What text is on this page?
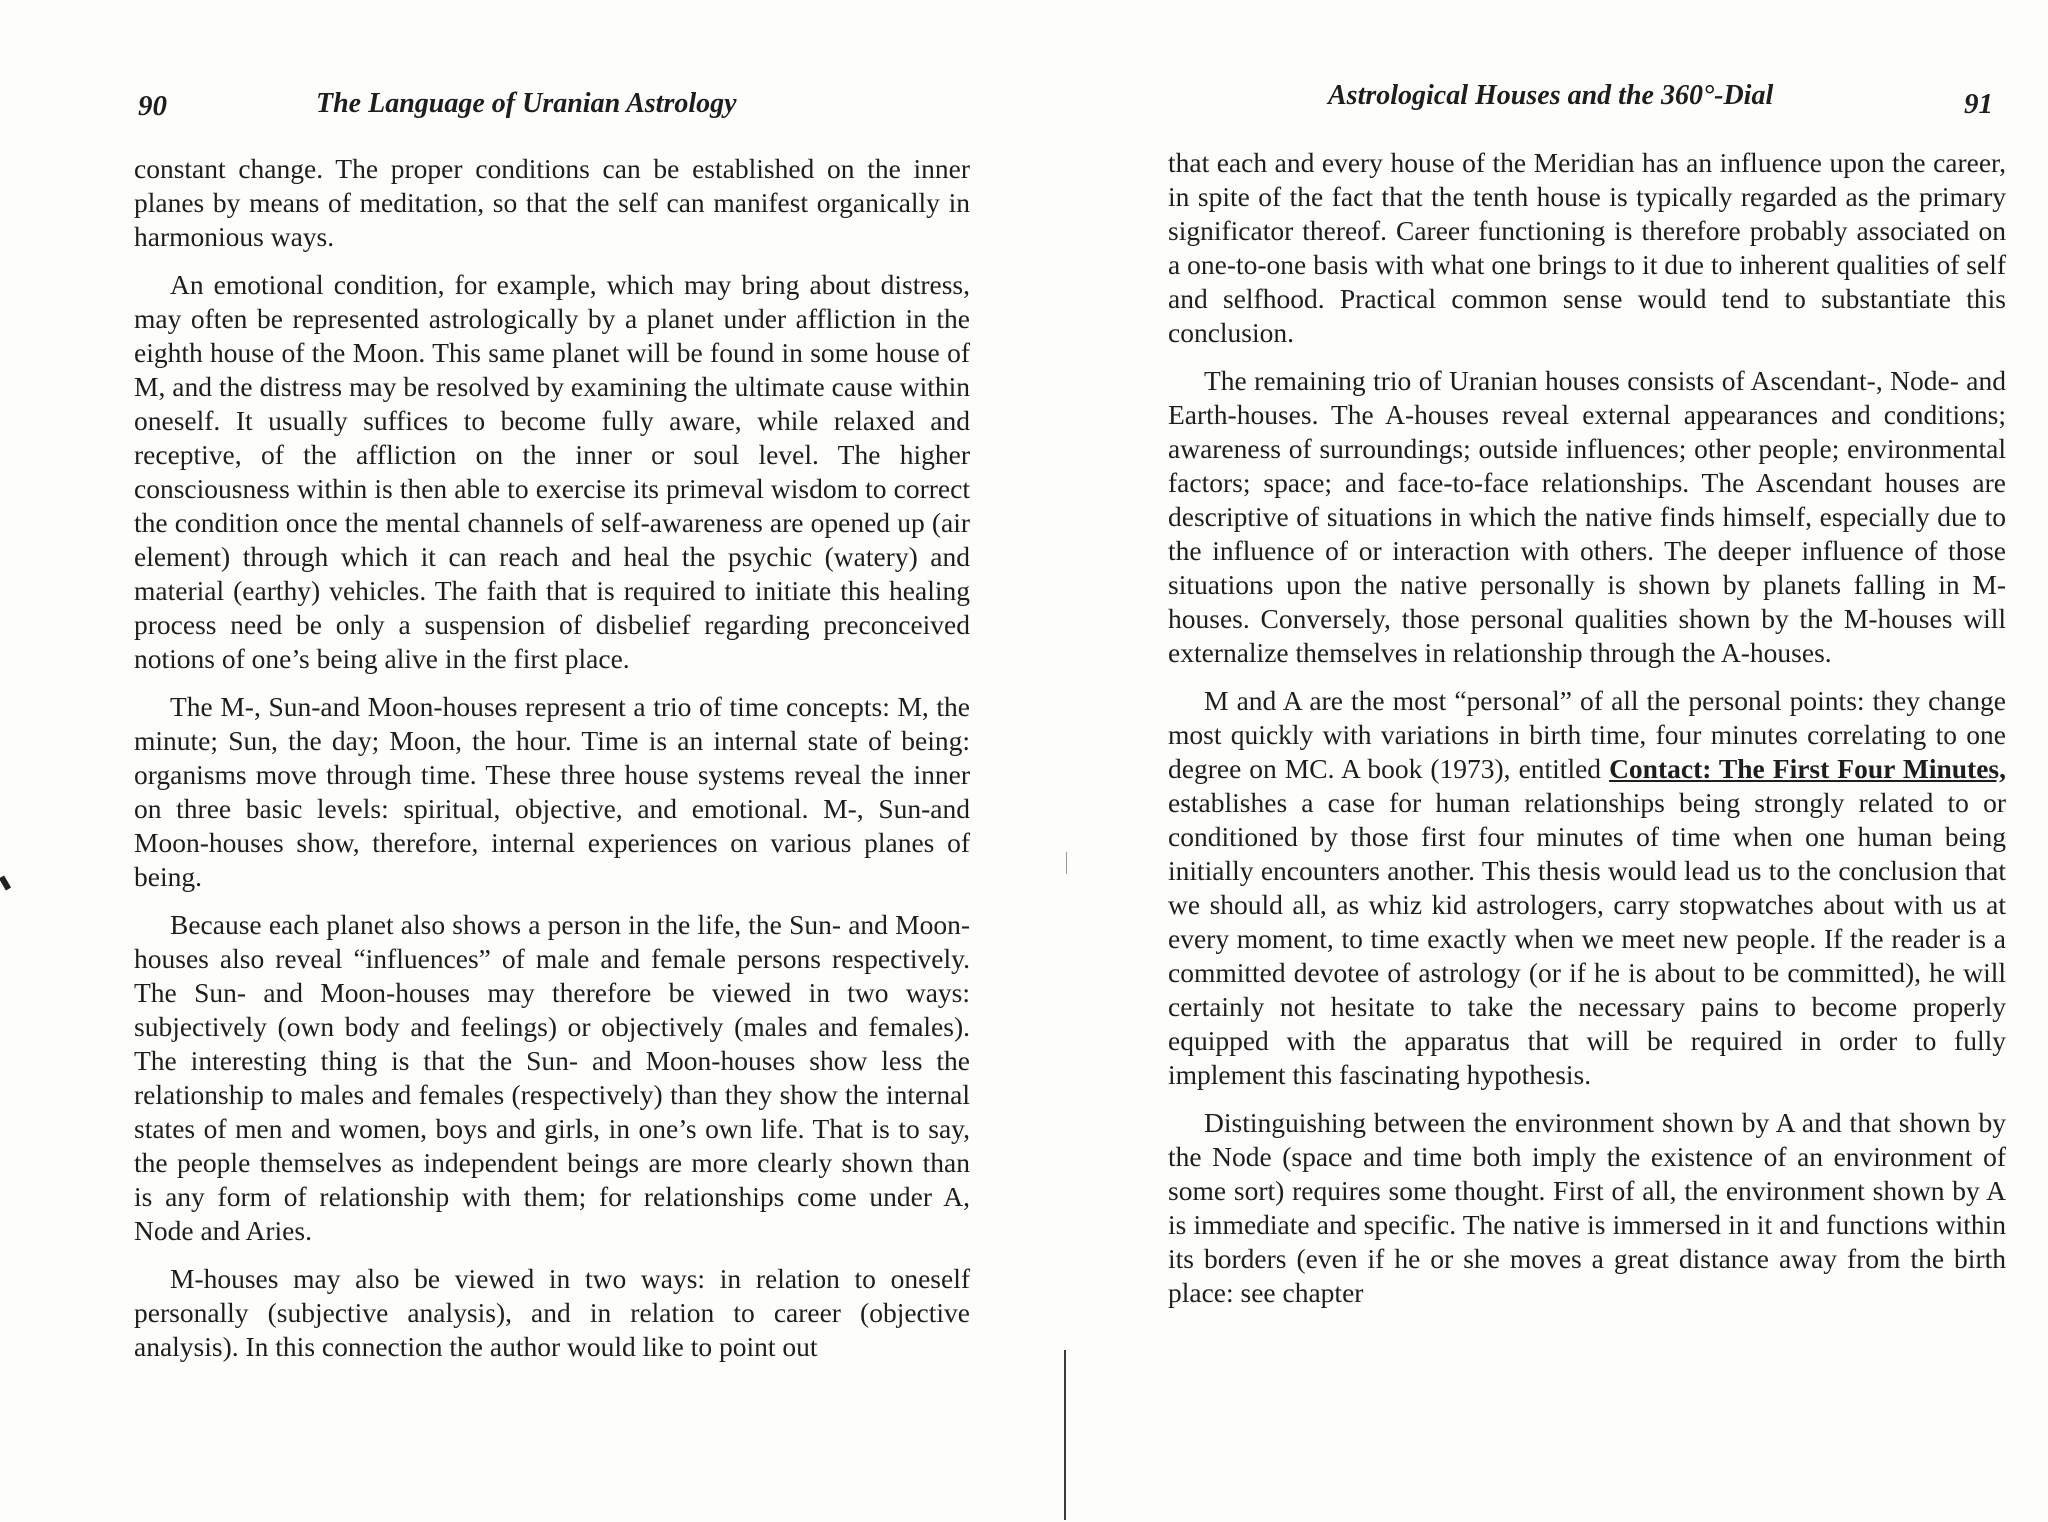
90	The Language of Uranian Astrology

constant change. The proper conditions can be established on the inner planes by means of meditation, so that the self can manifest organically in harmonious ways.

An emotional condition, for example, which may bring about distress, may often be represented astrologically by a planet under affliction in the eighth house of the Moon. This same planet will be found in some house of M, and the distress may be resolved by examining the ultimate cause within oneself. It usually suffices to become fully aware, while relaxed and receptive, of the affliction on the inner or soul level. The higher consciousness within is then able to exercise its primeval wisdom to correct the condition once the mental channels of self-awareness are opened up (air element) through which it can reach and heal the psychic (watery) and material (earthy) vehicles. The faith that is required to initiate this healing process need be only a suspension of disbelief regarding preconceived notions of one’s being alive in the first place.

The M-, Sun-and Moon-houses represent a trio of time concepts: M, the minute; Sun, the day; Moon, the hour. Time is an internal state of being: organisms move through time. These three house systems reveal the inner on three basic levels: spiritual, objective, and emotional. M-, Sun-and Moon-houses show, therefore, internal experiences on various planes of being.

Because each planet also shows a person in the life, the Sun- and Moon-houses also reveal “influences” of male and female persons respectively. The Sun- and Moon-houses may therefore be viewed in two ways: subjectively (own body and feelings) or objectively (males and females). The interesting thing is that the Sun- and Moon-houses show less the relationship to males and females (respectively) than they show the internal states of men and women, boys and girls, in one’s own life. That is to say, the people themselves as independent beings are more clearly shown than is any form of relationship with them; for relationships come under A, Node and Aries.

M-houses may also be viewed in two ways: in relation to oneself personally (subjective analysis), and in relation to career (objective analysis). In this connection the author would like to point out

Astrological Houses and the 360°-Dial	91

that each and every house of the Meridian has an influence upon the career, in spite of the fact that the tenth house is typically regarded as the primary significator thereof. Career functioning is therefore probably associated on a one-to-one basis with what one brings to it due to inherent qualities of self and selfhood. Practical common sense would tend to substantiate this conclusion.

The remaining trio of Uranian houses consists of Ascendant-, Node- and Earth-houses. The A-houses reveal external appearances and conditions; awareness of surroundings; outside influences; other people; environmental factors; space; and face-to-face relationships. The Ascendant houses are descriptive of situations in which the native finds himself, especially due to the influence of or interaction with others. The deeper influence of those situations upon the native personally is shown by planets falling in M-houses. Conversely, those personal qualities shown by the M-houses will externalize themselves in relationship through the A-houses.

M and A are the most “personal” of all the personal points: they change most quickly with variations in birth time, four minutes correlating to one degree on MC. A book (1973), entitled Contact: The First Four Minutes, establishes a case for human relationships being strongly related to or conditioned by those first four minutes of time when one human being initially encounters another. This thesis would lead us to the conclusion that we should all, as whiz kid astrologers, carry stopwatches about with us at every moment, to time exactly when we meet new people. If the reader is a committed devotee of astrology (or if he is about to be committed), he will certainly not hesitate to take the necessary pains to become properly equipped with the apparatus that will be required in order to fully implement this fascinating hypothesis.

Distinguishing between the environment shown by A and that shown by the Node (space and time both imply the existence of an environment of some sort) requires some thought. First of all, the environment shown by A is immediate and specific. The native is immersed in it and functions within its borders (even if he or she moves a great distance away from the birth place: see chapter
